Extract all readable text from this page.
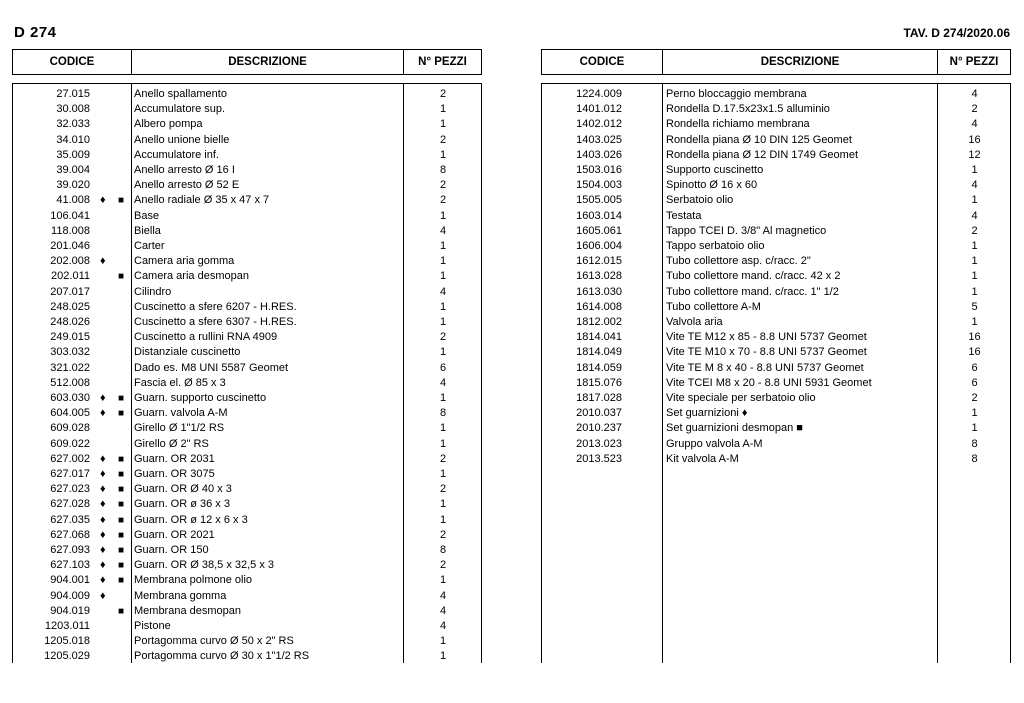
D 274	TAV. D 274/2020.06
CODICE	DESCRIZIONE	N° PEZZI	CODICE	DESCRIZIONE	N° PEZZI
27.015	Anello spallamento	2
30.008	Accumulatore sup.	1
32.033	Albero pompa	1
34.010	Anello unione bielle	2
35.009	Accumulatore inf.	1
39.004	Anello arresto Ø 16 I	8
39.020	Anello arresto Ø 52 E	2
41.008 ♦ ■ Anello radiale Ø 35 x 47 x 7	2
106.041	Base	1
118.008	Biella	4
201.046	Carter	1
202.008 ♦	Camera aria gomma	1
202.011	■ Camera aria desmopan	1
207.017	Cilindro	4
248.025	Cuscinetto a sfere 6207 - H.RES.	1
248.026	Cuscinetto a sfere 6307 - H.RES.	1
249.015	Cuscinetto a rullini RNA 4909	2
303.032	Distanziale cuscinetto	1
321.022	Dado es. M8 UNI 5587 Geomet	6
512.008	Fascia el. Ø 85 x 3	4
603.030 ♦ ■ Guarn. supporto cuscinetto	1
604.005 ♦ ■ Guarn. valvola A-M	8
609.028	Girello Ø 1"1/2 RS	1
609.022	Girello Ø 2" RS	1
627.002 ♦ ■ Guarn. OR 2031	2
627.017 ♦ ■ Guarn. OR 3075	1
627.023 ♦ ■ Guarn. OR Ø 40 x 3	2
627.028 ♦ ■ Guarn. OR ø 36 x 3	1
627.035 ♦ ■ Guarn. OR ø 12 x 6 x 3	1
627.068 ♦ ■ Guarn. OR 2021	2
627.093 ♦ ■ Guarn. OR 150	8
627.103 ♦ ■ Guarn. OR Ø 38,5 x 32,5 x 3	2
904.001 ♦ ■ Membrana polmone olio	1
904.009 ♦	Membrana gomma	4
904.019	■ Membrana desmopan	4
1203.011	Pistone	4
1205.018	Portagomma curvo Ø 50 x 2" RS	1
1205.029	Portagomma curvo Ø 30 x 1"1/2 RS	1
1224.009	Perno bloccaggio membrana	4
1401.012	Rondella D.17.5x23x1.5 alluminio	2
1402.012	Rondella richiamo membrana	4
1403.025	Rondella piana Ø 10 DIN 125 Geomet	16
1403.026	Rondella piana Ø 12 DIN 1749 Geomet	12
1503.016	Supporto cuscinetto	1
1504.003	Spinotto Ø 16 x 60	4
1505.005	Serbatoio olio	1
1603.014	Testata	4
1605.061	Tappo TCEI D. 3/8" Al magnetico	2
1606.004	Tappo serbatoio olio	1
1612.015	Tubo collettore asp. c/racc. 2"	1
1613.028	Tubo collettore mand. c/racc. 42 x 2	1
1613.030	Tubo collettore mand. c/racc. 1" 1/2	1
1614.008	Tubo collettore A-M	5
1812.002	Valvola aria	1
1814.041	Vite TE M12 x 85 - 8.8 UNI 5737 Geomet	16
1814.049	Vite TE M10 x 70 - 8.8 UNI 5737 Geomet	16
1814.059	Vite TE M 8 x 40 - 8.8 UNI 5737 Geomet	6
1815.076	Vite TCEI M8 x 20 - 8.8 UNI 5931 Geomet	6
1817.028	Vite speciale per serbatoio olio	2
2010.037	Set guarnizioni ♦	1
2010.237	Set guarnizioni desmopan ■	1
2013.023	Gruppo valvola A-M	8
2013.523	Kit valvola A-M	8
